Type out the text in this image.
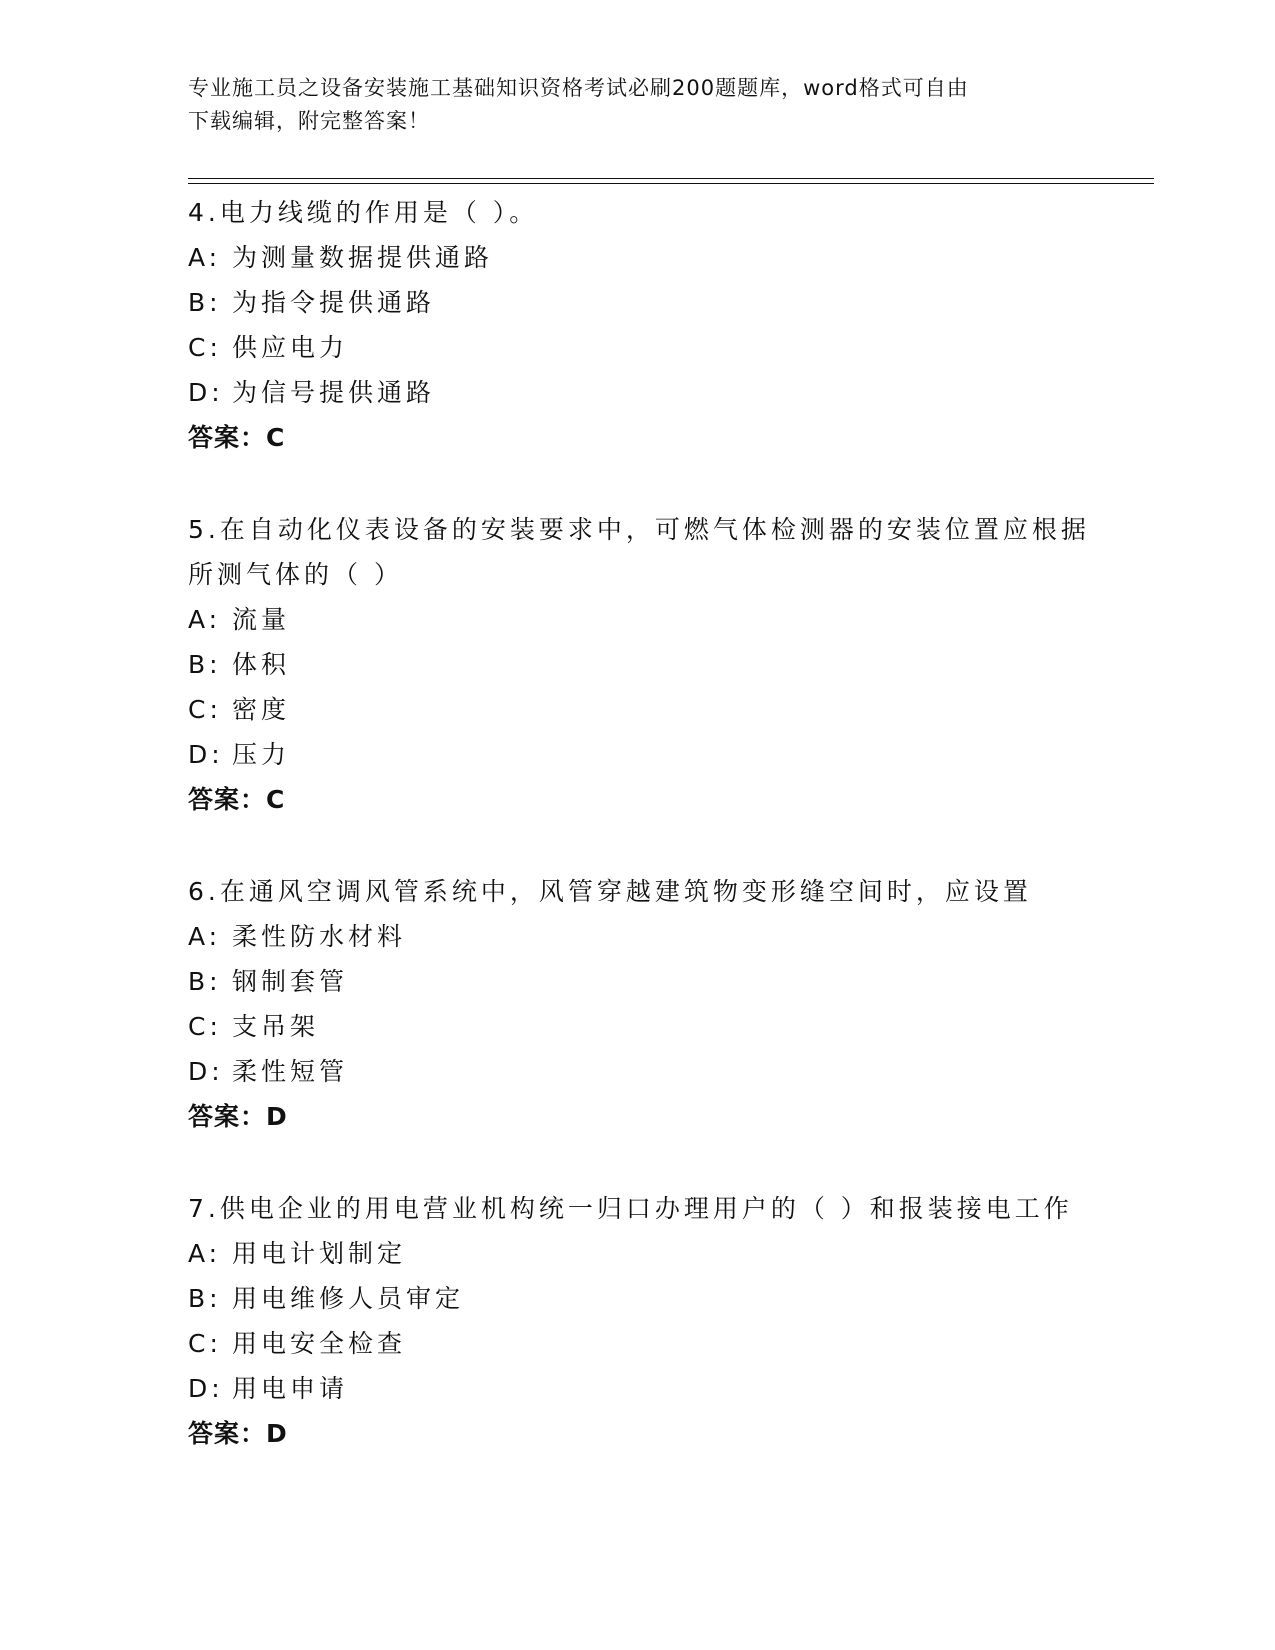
专业施工员之设备安装施工基础知识资格考试必刷200题题库，word格式可自由
下载编辑，附完整答案！

4.电力线缆的作用是（ ）。

A: 为测量数据提供通路
B: 为指令提供通路
C: 供应电力
D: 为信号提供通路
答案：C

5.在自动化仪表设备的安装要求中，可燃气体检测器的安装位置应根据所测气体的（ ）

A: 流量
B: 体积
C: 密度
D: 压力
答案：C

6.在通风空调风管系统中，风管穿越建筑物变形缝空间时，应设置

A: 柔性防水材料
B: 钢制套管
C: 支吊架
D: 柔性短管
答案：D

7.供电企业的用电营业机构统一归口办理用户的（ ）和报装接电工作

A: 用电计划制定
B: 用电维修人员审定
C: 用电安全检查
D: 用电申请
答案：D
